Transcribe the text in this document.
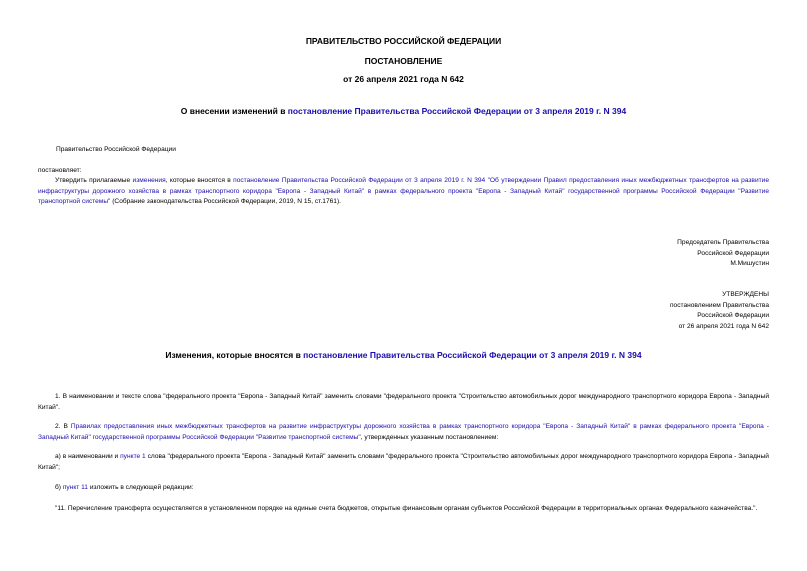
ПРАВИТЕЛЬСТВО РОССИЙСКОЙ ФЕДЕРАЦИИ
ПОСТАНОВЛЕНИЕ
от 26 апреля 2021 года N 642
О внесении изменений в постановление Правительства Российской Федерации от 3 апреля 2019 г. N 394
Правительство Российской Федерации
постановляет:
Утвердить прилагаемые изменения, которые вносятся в постановление Правительства Российской Федерации от 3 апреля 2019 г. N 394 "Об утверждении Правил предоставления иных межбюджетных трансфертов на развитие инфраструктуры дорожного хозяйства в рамках транспортного коридора "Европа - Западный Китай" в рамках федерального проекта "Европа - Западный Китай" государственной программы Российской Федерации "Развитие транспортной системы" (Собрание законодательства Российской Федерации, 2019, N 15, ст.1761).
Председатель Правительства
Российской Федерации
М.Мишустин
УТВЕРЖДЕНЫ
постановлением Правительства
Российской Федерации
от 26 апреля 2021 года N 642
Изменения, которые вносятся в постановление Правительства Российской Федерации от 3 апреля 2019 г. N 394
1. В наименовании и тексте слова "федерального проекта "Европа - Западный Китай" заменить словами "федерального проекта "Строительство автомобильных дорог международного транспортного коридора Европа - Западный Китай".
2. В Правилах предоставления иных межбюджетных трансфертов на развитие инфраструктуры дорожного хозяйства в рамках транспортного коридора "Европа - Западный Китай" в рамках федерального проекта "Европа - Западный Китай" государственной программы Российской Федерации "Развитие транспортной системы", утвержденных указанным постановлением:
а) в наименовании и пункте 1 слова "федерального проекта "Европа - Западный Китай" заменить словами "федерального проекта "Строительство автомобильных дорог международного транспортного коридора Европа - Западный Китай";
б) пункт 11 изложить в следующей редакции:
"11. Перечисление трансферта осуществляется в установленном порядке на единые счета бюджетов, открытые финансовым органам субъектов Российской Федерации в территориальных органах Федерального казначейства.".
